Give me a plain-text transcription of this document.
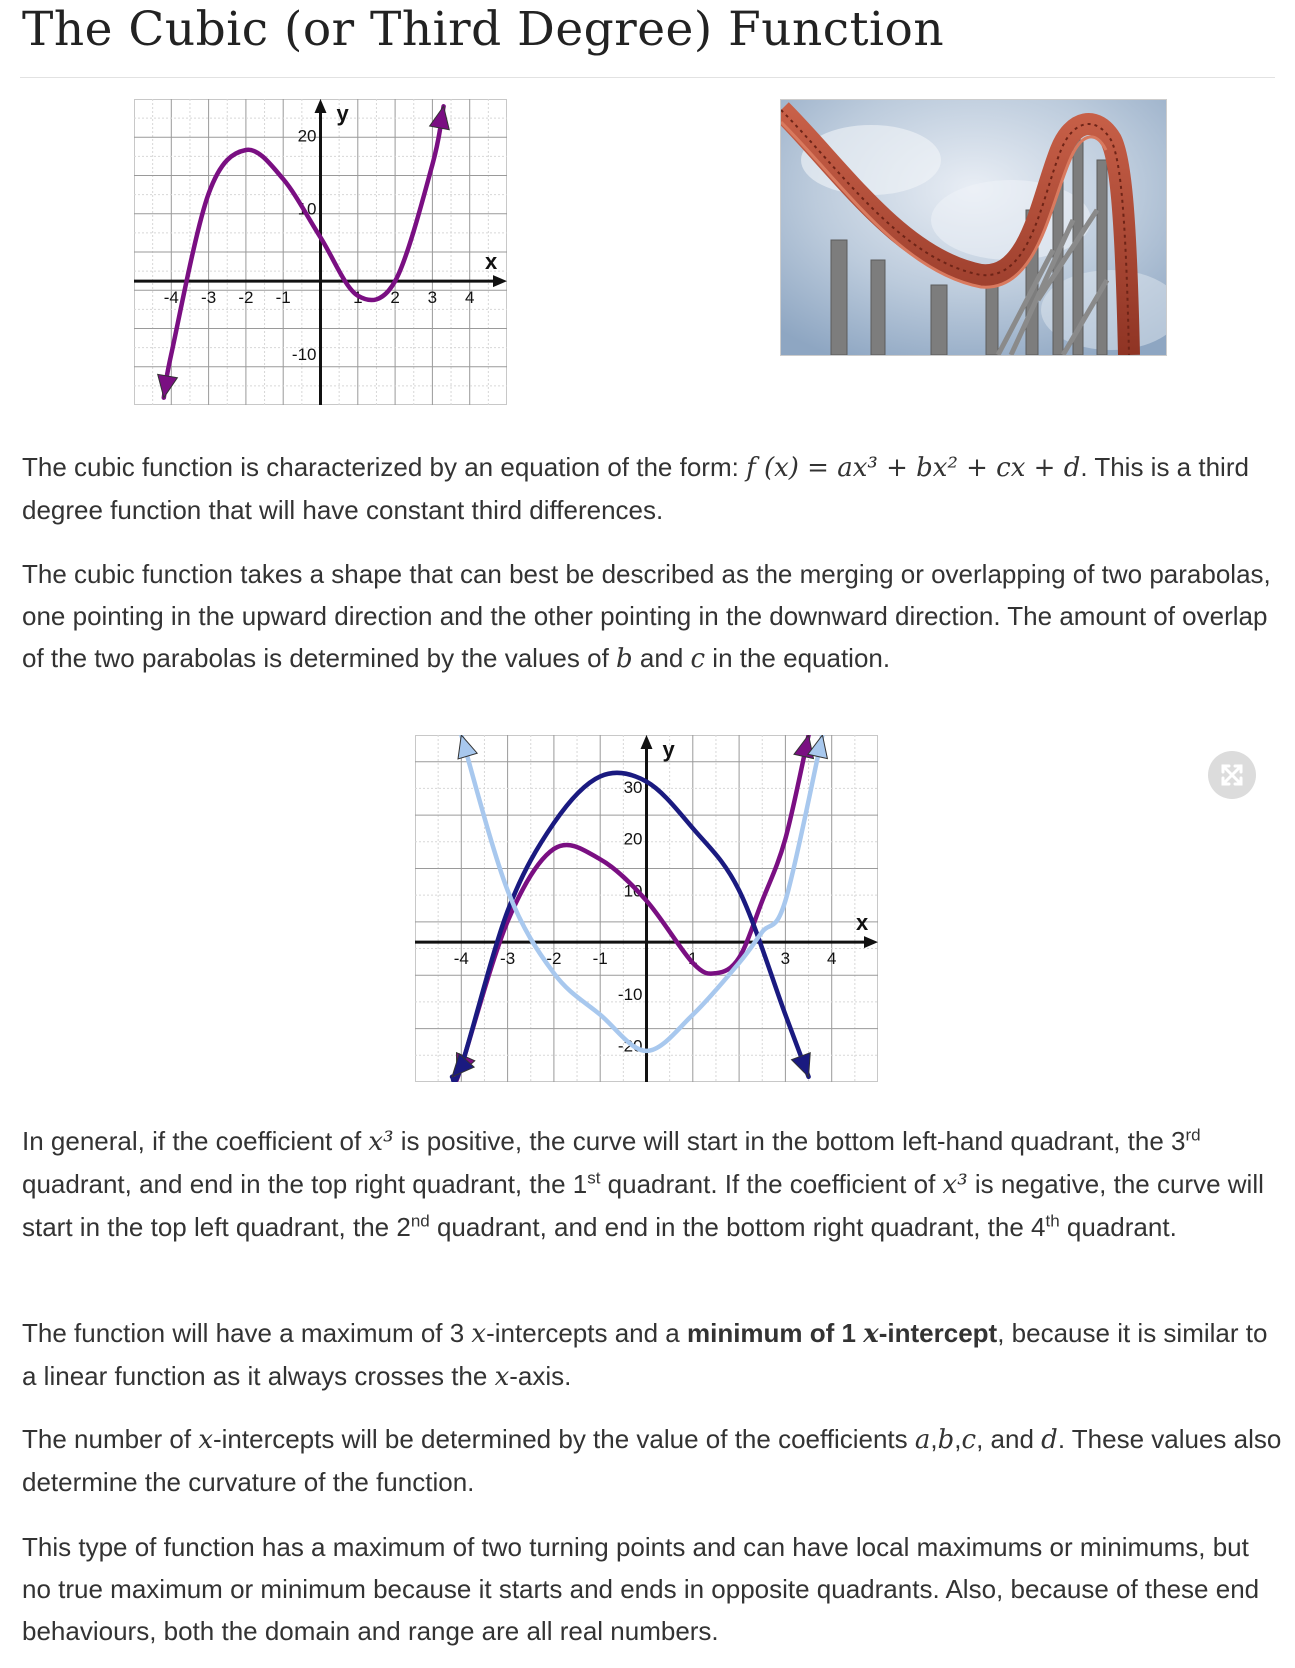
The Cubic (or Third Degree) Function
x
y
-4 -3 -2 -1	1 2 3 4
20
10
-10

The cubic function is characterized by an equation of the form: f (x) = ax³ + bx² + cx + d. This is a third degree function that will have constant third differences.

The cubic function takes a shape that can best be described as the merging or overlapping of two parabolas, one pointing in the upward direction and the other pointing in the downward direction. The amount of overlap of the two parabolas is determined by the values of b and c in the equation.

x
y
-4 -3 -2 -1	1	3 4
30
20
10
-10
-20

In general, if the coefficient of x³ is positive, the curve will start in the bottom left-hand quadrant, the 3rd quadrant, and end in the top right quadrant, the 1st quadrant. If the coefficient of x³ is negative, the curve will start in the top left quadrant, the 2nd quadrant, and end in the bottom right quadrant, the 4th quadrant.

The function will have a maximum of 3 x-intercepts and a minimum of 1 x-intercept, because it is similar to a linear function as it always crosses the x-axis.

The number of x-intercepts will be determined by the value of the coefficients a,b,c, and d. These values also determine the curvature of the function.

This type of function has a maximum of two turning points and can have local maximums or minimums, but no true maximum or minimum because it starts and ends in opposite quadrants. Also, because of these end behaviours, both the domain and range are all real numbers.
